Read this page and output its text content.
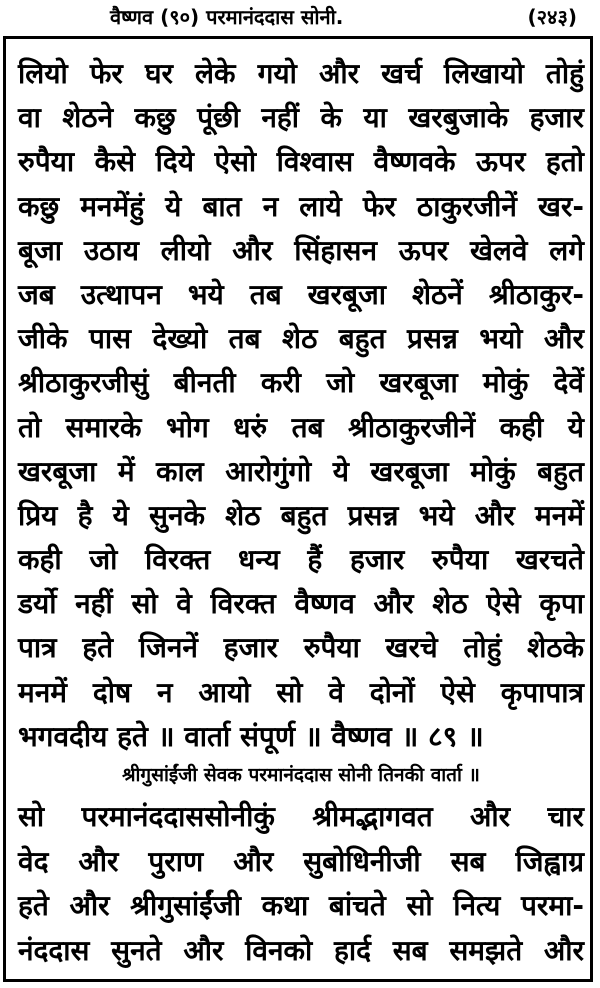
वैष्णव (९०) परमानंददास सोनी.	(२४३)
लियो फेर घर लेके गयो और खर्च लिखायो तोहुं
वा शेठने कछु पूंछी नहीं के या खरबुजाके हजार
रुपैया कैसे दिये ऐसो विश्वास वैष्णवके ऊपर हतो
कछु मनमेंहुं ये बात न लाये फेर ठाकुरजीनें खर-
बूजा उठाय लीयो और सिंहासन ऊपर खेलवे लगे
जब उत्थापन भये तब खरबूजा शेठनें श्रीठाकुर-
जीके पास देख्यो तब शेठ बहुत प्रसन्न भयो और
श्रीठाकुरजीसुं बीनती करी जो खरबूजा मोकुं देवें
तो समारके भोग धरुं तब श्रीठाकुरजीनें कही ये
खरबूजा में काल आरोगुंगो ये खरबूजा मोकुं बहुत
प्रिय है ये सुनके शेठ बहुत प्रसन्न भये और मनमें
कही जो विरक्त धन्य हैं हजार रुपैया खरचते
डर्यो नहीं सो वे विरक्त वैष्णव और शेठ ऐसे कृपा
पात्र हते जिननें हजार रुपैया खरचे तोहुं शेठके
मनमें दोष न आयो सो वे दोनों ऐसे कृपापात्र
भगवदीय हते ॥ वार्ता संपूर्ण ॥ वैष्णव ॥ ८९ ॥
श्रीगुसांईंजी सेवक परमानंददास सोनी तिनकी वार्ता ॥
सो परमानंददाससोनीकुं श्रीमद्भागवत और चार
वेद और पुराण और सुबोधिनीजी सब जिह्वाग्र
हते और श्रीगुसांईंजी कथा बांचते सो नित्य परमा-
नंददास सुनते और विनको हार्द सब समझते और
